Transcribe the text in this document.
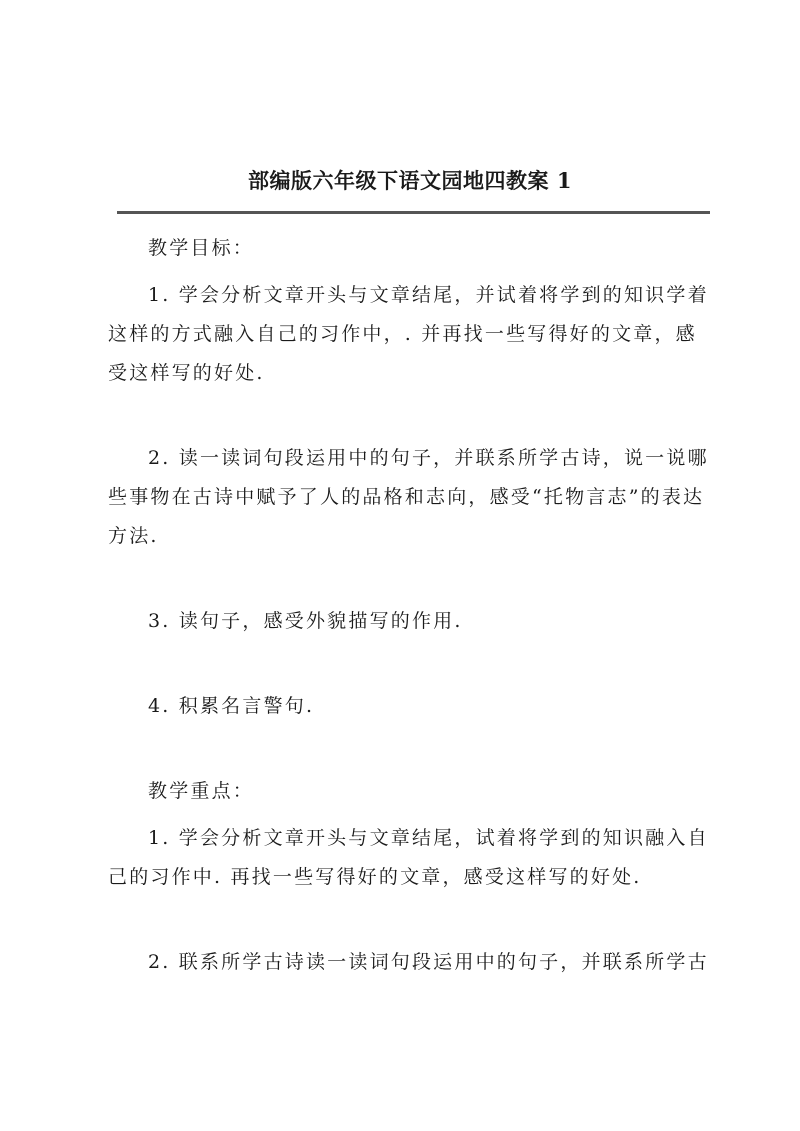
部编版六年级下语文园地四教案 1

教学目标：

1. 学会分析文章开头与文章结尾，并试着将学到的知识学着这样的方式融入自己的习作中，. 并再找一些写得好的文章，感受这样写的好处.

2. 读一读词句段运用中的句子，并联系所学古诗，说一说哪些事物在古诗中赋予了人的品格和志向，感受“托物言志”的表达方法.

3. 读句子，感受外貌描写的作用.

4. 积累名言警句.

教学重点：

1. 学会分析文章开头与文章结尾，试着将学到的知识融入自己的习作中. 再找一些写得好的文章，感受这样写的好处.

2. 联系所学古诗读一读词句段运用中的句子，并联系所学古
